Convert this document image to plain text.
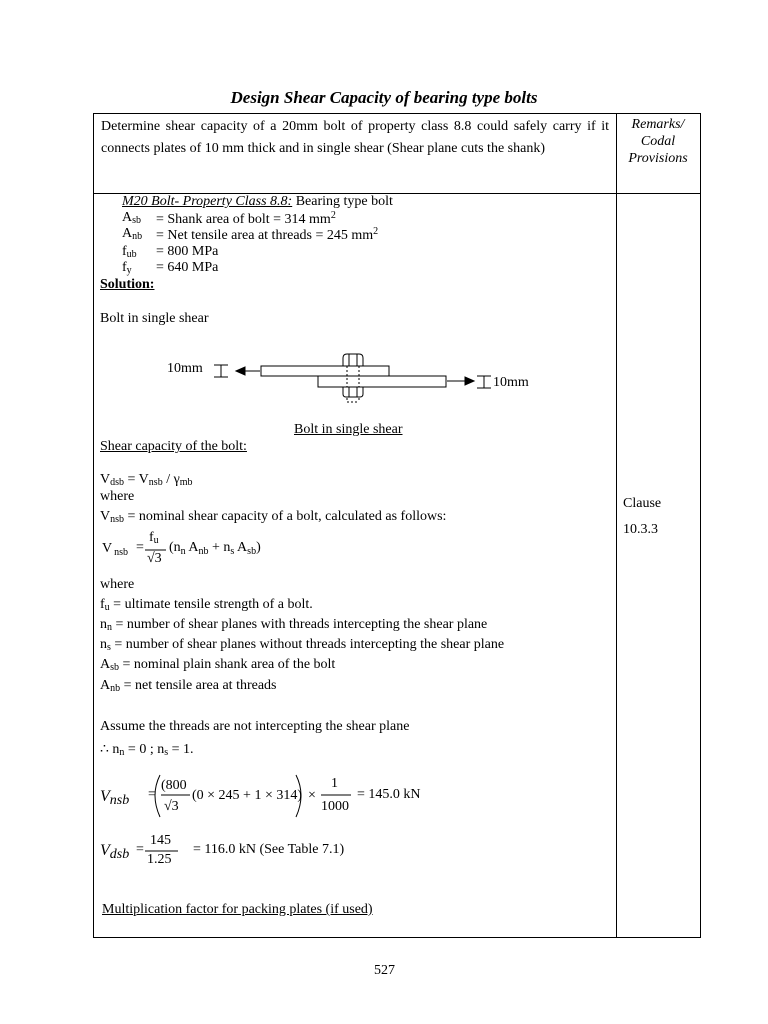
Design Shear Capacity of bearing type bolts
Determine shear capacity of a 20mm bolt of property class 8.8 could safely carry if it connects plates of 10 mm thick and in single shear (Shear plane cuts the shank)
Remarks/
Codal
Provisions
Clause
10.3.3
M20 Bolt- Property Class 8.8: Bearing type bolt
$A_{sb}$ = Shank area of bolt = 314 $mm^2$
$A_{nb}$ = Net tensile area at threads = 245 $mm^2$
$f_{ub} = 800$ MPa
$f_y = 640$ MPa
Solution:
Bolt in single shear
10mm
10mm
Bolt in single shear
Shear capacity of the bolt:
$V_{dsb} = V_{nsb} / \gamma_{mb}$
where
$V_{nsb}$ = nominal shear capacity of a bolt, calculated as follows:
V $_{nsb}$ =
fu
√3
($n_n$ $A_{nb} + n_s$ $A_{sb}$)
where
$f_u$ = ultimate tensile strength of a bolt.
$n_n$ = number of shear planes with threads intercepting the shear plane
$n_s$ = number of shear planes without threads intercepting the shear plane
$A_{sb}$ = nominal plain shank area of the bolt
$A_{nb}$ = net tensile area at threads
Assume the threads are not intercepting the shear plane
∴ $n_n = 0$ ; $n_s = 1$.
Vnsb =
(800
√3
(0 × 245 + 1 × 314) ×
1
1000
= 145.0 kN
Vdsb =
145
1.25
= 116.0 kN (See Table 7.1)
Multiplication factor for packing plates (if used)
527
